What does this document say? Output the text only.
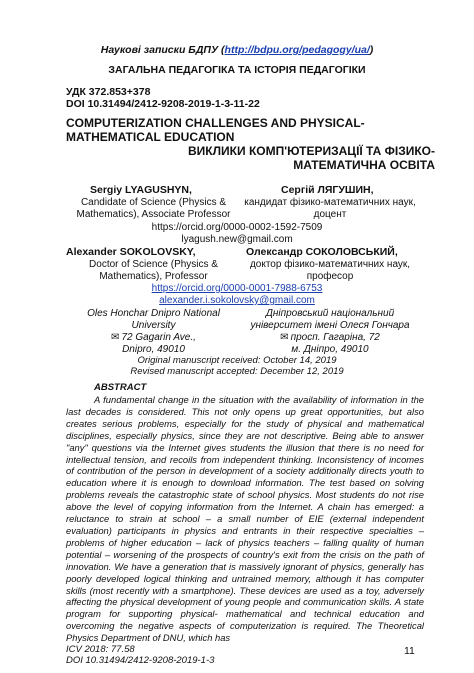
Наукові записки БДПУ (http://bdpu.org/pedagogy/ua/)
ЗАГАЛЬНА ПЕДАГОГІКА ТА ІСТОРІЯ ПЕДАГОГІКИ
УДК 372.853+378
DOI 10.31494/2412-9208-2019-1-3-11-22
COMPUTERIZATION CHALLENGES AND PHYSICAL-MATHEMATICAL EDUCATION
ВИКЛИКИ КОМП'ЮТЕРИЗАЦІЇ ТА ФІЗИКО-МАТЕМАТИЧНА ОСВІТА
Sergiy LYAGUSHYN,	Сергій ЛЯГУШИН,
Candidate of Science (Physics & Mathematics), Associate Professor
кандидат фізико-математичних наук, доцент
https://orcid.org/0000-0002-1592-7509
lyagush.new@gmail.com
Alexander SOKOLOVSKY,	Олександр СОКОЛОВСЬКИЙ,
Doctor of Science (Physics & Mathematics), Professor
доктор фізико-математичних наук, професор
https://orcid.org/0000-0001-7988-6753
alexander.i.sokolovsky@gmail.com
Oles Honchar Dnipro National
University
✉ 72 Gagarin Ave.,
Dnipro, 49010
Дніпровський національний
університет імені Олеся Гончара
✉ просп. Гагаріна, 72
м. Дніпро, 49010
Original manuscript received: October 14, 2019
Revised manuscript accepted: December 12, 2019
ABSTRACT
A fundamental change in the situation with the availability of information in the last decades is considered. This not only opens up great opportunities, but also creates serious problems, especially for the study of physical and mathematical disciplines, especially physics, since they are not descriptive. Being able to answer "any" questions via the Internet gives students the illusion that there is no need for intellectual tension, and recoils from independent thinking. Inconsistency of incomes of contribution of the person in development of a society additionally directs youth to education where it is enough to download information. The test based on solving problems reveals the catastrophic state of school physics. Most students do not rise above the level of copying information from the Internet. A chain has emerged: a reluctance to strain at school – a small number of EIE (external independent evaluation) participants in physics and entrants in their respective specialties – problems of higher education – lack of physics teachers – falling quality of human potential – worsening of the prospects of country's exit from the crisis on the path of innovation. We have a generation that is massively ignorant of physics, generally has poorly developed logical thinking and untrained memory, although it has computer skills (most recently with a smartphone). These devices are used as a toy, adversely affecting the physical development of young people and communication skills. A state program for supporting physical- mathematical and technical education and overcoming the negative aspects of computerization is required. The Theoretical Physics Department of DNU, which has
ICV 2018: 77.58
DOI 10.31494/2412-9208-2019-1-3
11
